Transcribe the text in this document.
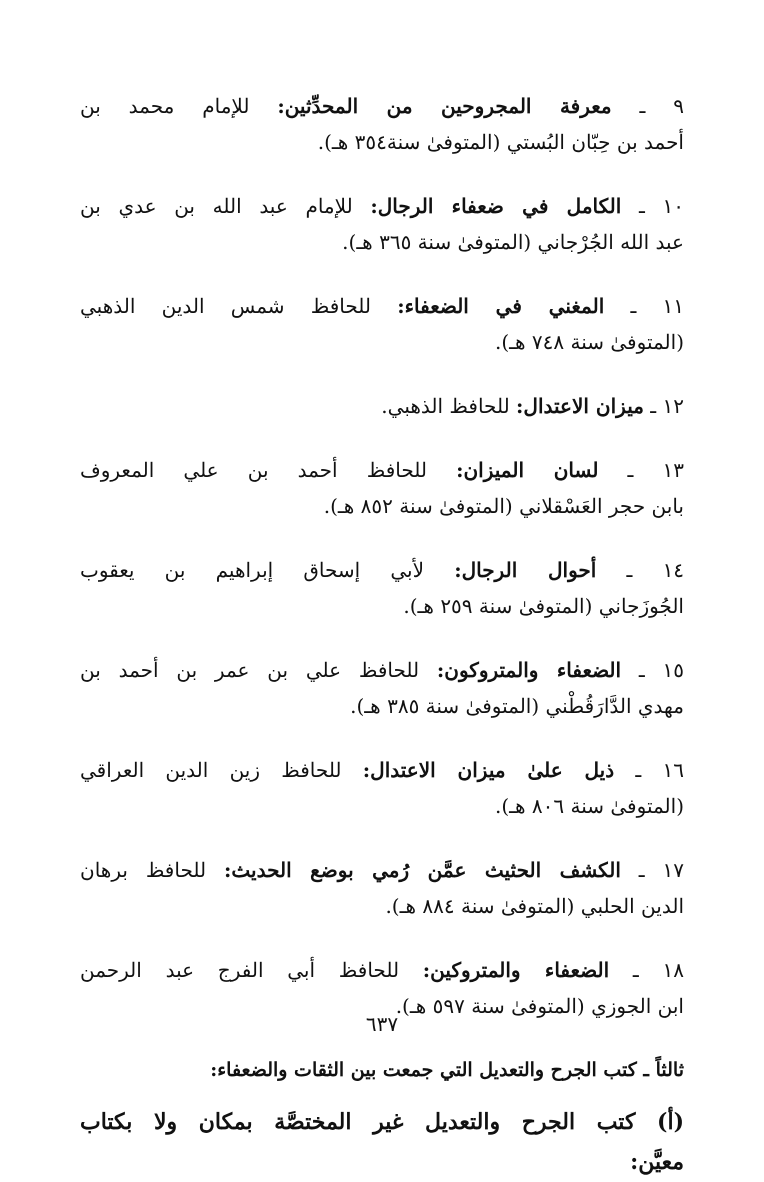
٩ ـ معرفة المجروحين من المحدِّثين: للإمام محمد بن
أحمد بن حِبّان البُستي (المتوفىٰ سنة٣٥٤ هـ).
١٠ ـ الكامل في ضعفاء الرجال: للإمام عبد الله بن عدي بن
عبد الله الجُرْجاني (المتوفىٰ سنة ٣٦٥ هـ).
١١ ـ المغني في الضعفاء: للحافظ شمس الدين الذهبي
(المتوفىٰ سنة ٧٤٨ هـ).
١٢ ـ ميزان الاعتدال: للحافظ الذهبي.
١٣ ـ لسان الميزان: للحافظ أحمد بن علي المعروف
بابن حجر العَسْقلاني (المتوفىٰ سنة ٨٥٢ هـ).
١٤ ـ أحوال الرجال: لأبي إسحاق إبراهيم بن يعقوب
الجُوزَجاني (المتوفىٰ سنة ٢٥٩ هـ).
١٥ ـ الضعفاء والمتروكون: للحافظ علي بن عمر بن أحمد بن
مهدي الدَّارَقُطْني (المتوفىٰ سنة ٣٨٥ هـ).
١٦ ـ ذيل علىٰ ميزان الاعتدال: للحافظ زين الدين العراقي
(المتوفىٰ سنة ٨٠٦ هـ).
١٧ ـ الكشف الحثيث عمَّن رُمي بوضع الحديث: للحافظ برهان
الدين الحلبي (المتوفىٰ سنة ٨٨٤ هـ).
١٨ ـ الضعفاء والمتروكين: للحافظ أبي الفرج عبد الرحمن
ابن الجوزي (المتوفىٰ سنة ٥٩٧ هـ).
ثالثاً ـ كتب الجرح والتعديل التي جمعت بين الثقات والضعفاء:
(أ) كتب الجرح والتعديل غير المختصَّة بمكان ولا بكتاب
معيَّن:
٦٣٧
